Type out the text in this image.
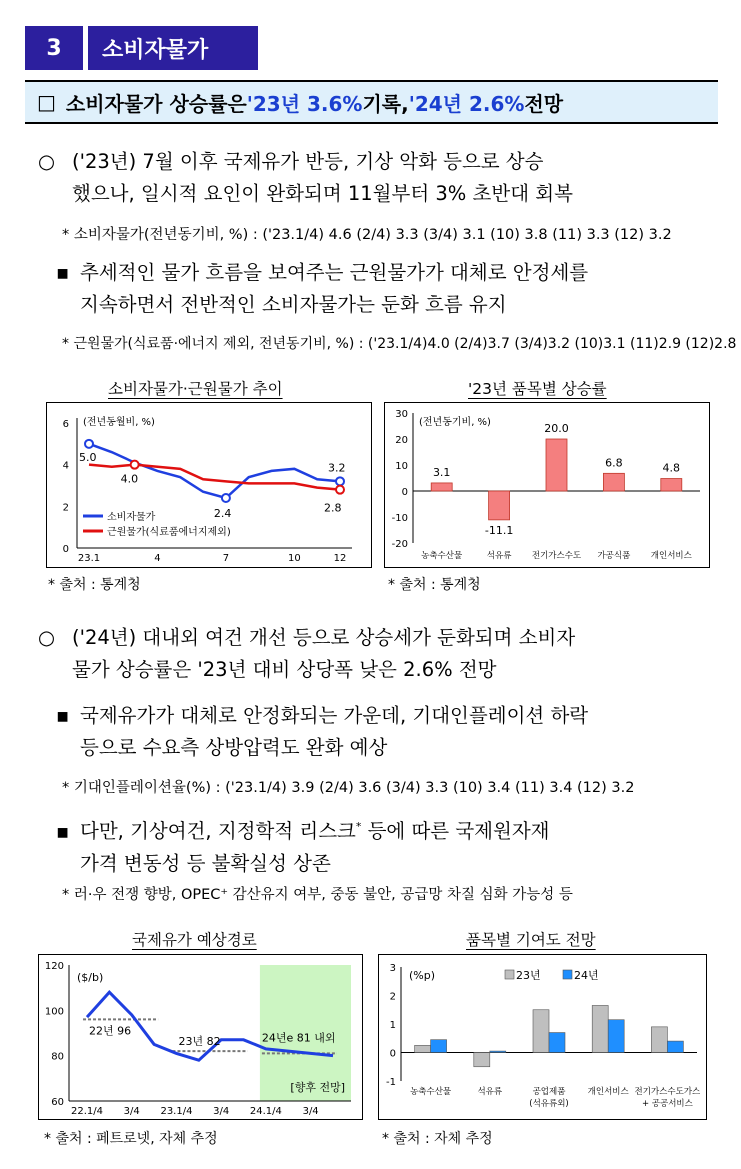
3	소비자물가
□ 소비자물가 상승률은 '23년 3.6% 기록, '24년 2.6% 전망
○ ('23년) 7월 이후 국제유가 반등, 기상 악화 등으로 상승
했으나, 일시적 요인이 완화되며 11월부터 3% 초반대 회복
* 소비자물가(전년동기비, %) : ('23.1/4) 4.6 (2/4) 3.3 (3/4) 3.1 (10) 3.8 (11) 3.3 (12) 3.2
▪ 추세적인 물가 흐름을 보여주는 근원물가가 대체로 안정세를
지속하면서 전반적인 소비자물가는 둔화 흐름 유지
* 근원물가(식료품·에너지 제외, 전년동기비, %) : ('23.1/4)4.0 (2/4)3.7 (3/4)3.2 (10)3.1 (11)2.9 (12)2.8
소비자물가·근원물가 추이	'23년 품목별 상승률
0
2
4
6
23.1	4	7	10	12
(전년동월비, %)
5.0
4.0
2.4
3.2
2.8
소비자물가
근원물가(식료품에너지제외)
-20
-10
0
10
20
30
(전년동기비, %)
3.1
농축수산물
-11.1
석유류
20.0
전기가스수도
6.8
가공식품
4.8
개인서비스
* 출처 : 통계청	* 출처 : 통계청
○ ('24년) 대내외 여건 개선 등으로 상승세가 둔화되며 소비자
물가 상승률은 '23년 대비 상당폭 낮은 2.6% 전망
▪ 국제유가가 대체로 안정화되는 가운데, 기대인플레이션 하락
등으로 수요측 상방압력도 완화 예상
* 기대인플레이션율(%) : ('23.1/4) 3.9 (2/4) 3.6 (3/4) 3.3 (10) 3.4 (11) 3.4 (12) 3.2
▪ 다만, 기상여건, 지정학적 리스크* 등에 따른 국제원자재
가격 변동성 등 불확실성 상존
* 러·우 전쟁 향방, OPEC⁺ 감산유지 여부, 중동 불안, 공급망 차질 심화 가능성 등
국제유가 예상경로	품목별 기여도 전망
60
80
100
120
22.1/4 3/4 23.1/4 3/4 24.1/4 3/4
($/b)
22년 96
23년 82	24년e 81 내외
[향후 전망]	-1
0
1
2
3
(%p)	23년	24년
농축수산물	석유류	공업제품
(석유류외)
개인서비스 전기가스수도가스
+ 공공서비스
* 출처 : 페트로넷, 자체 추정	* 출처 : 자체 추정
